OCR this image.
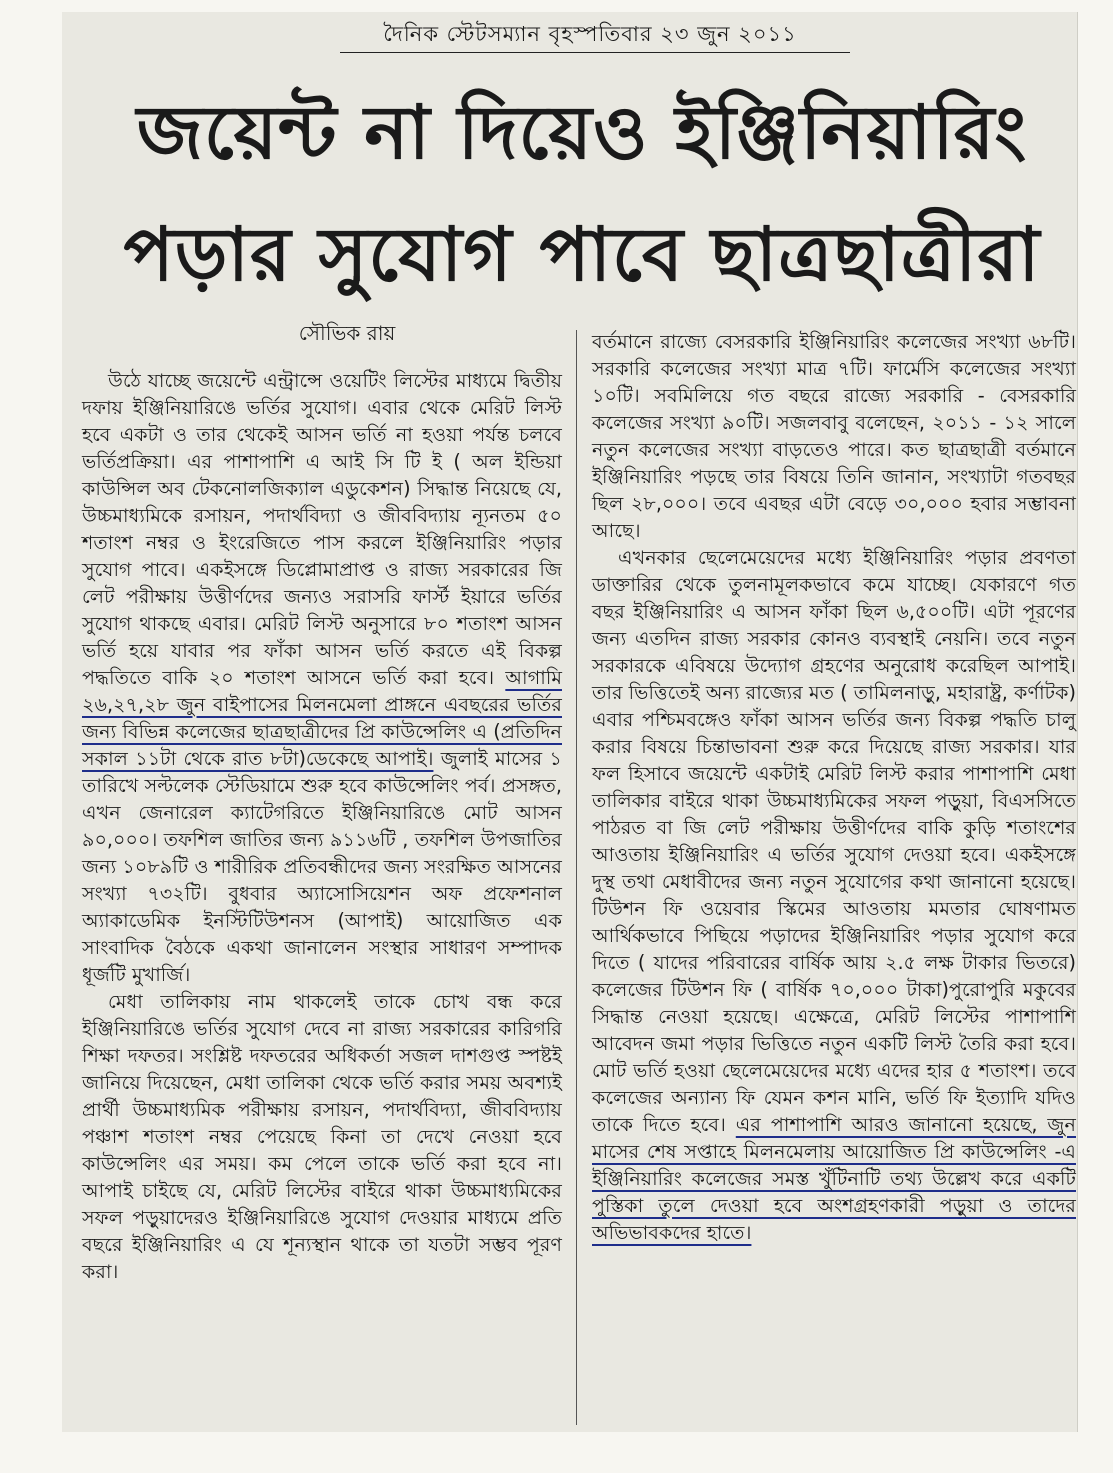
দৈনিক স্টেটসম্যান বৃহস্পতিবার ২৩ জুন ২০১১
জয়েন্ট না দিয়েও ইঞ্জিনিয়ারিং
পড়ার সুযোগ পাবে ছাত্রছাত্রীরা
সৌভিক রায়

উঠে যাচ্ছে জয়েন্টে এন্ট্রান্সে ওয়েটিং লিস্টের মাধ্যমে দ্বিতীয় দফায় ইঞ্জিনিয়ারিঙে ভর্তির সুযোগ। এবার থেকে মেরিট লিস্ট হবে একটা ও তার থেকেই আসন ভর্তি না হওয়া পর্যন্ত চলবে ভর্তিপ্রক্রিয়া। এর পাশাপাশি এ আই সি টি ই ( অল ইন্ডিয়া কাউন্সিল অব টেকনোলজিক্যাল এডুকেশন) সিদ্ধান্ত নিয়েছে যে, উচ্চমাধ্যমিকে রসায়ন, পদার্থবিদ্যা ও জীববিদ্যায় ন্যূনতম ৫০ শতাংশ নম্বর ও ইংরেজিতে পাস করলে ইঞ্জিনিয়ারিং পড়ার সুযোগ পাবে। একইসঙ্গে ডিপ্লোমাপ্রাপ্ত ও রাজ্য সরকারের জি লেট পরীক্ষায় উত্তীর্ণদের জন্যও সরাসরি ফার্স্ট ইয়ারে ভর্তির সুযোগ থাকছে এবার। মেরিট লিস্ট অনুসারে ৮০ শতাংশ আসন ভর্তি হয়ে যাবার পর ফাঁকা আসন ভর্তি করতে এই বিকল্প পদ্ধতিতে বাকি ২০ শতাংশ আসনে ভর্তি করা হবে। আগামি ২৬,২৭,২৮ জুন বাইপাসের মিলনমেলা প্রাঙ্গনে এবছরের ভর্তির জন্য বিভিন্ন কলেজের ছাত্রছাত্রীদের প্রি কাউন্সেলিং এ (প্রতিদিন সকাল ১১টা থেকে রাত ৮টা)ডেকেছে আপাই। জুলাই মাসের ১ তারিখে সল্টলেক স্টেডিয়ামে শুরু হবে কাউন্সেলিং পর্ব। প্রসঙ্গত, এখন জেনারেল ক্যাটেগরিতে ইঞ্জিনিয়ারিঙে মোট আসন ৯০,০০০। তফশিল জাতির জন্য ৯১১৬টি , তফশিল উপজাতির জন্য ১০৮৯টি ও শারীরিক প্রতিবন্ধীদের জন্য সংরক্ষিত আসনের সংখ্যা ৭৩২টি। বুধবার অ্যাসোসিয়েশন অফ প্রফেশনাল অ্যাকাডেমিক ইনস্টিটিউশনস (আপাই) আয়োজিত এক সাংবাদিক বৈঠকে একথা জানালেন সংস্থার সাধারণ সম্পাদক ধূর্জটি মুখার্জি।

মেধা তালিকায় নাম থাকলেই তাকে চোখ বন্ধ করে ইঞ্জিনিয়ারিঙে ভর্তির সুযোগ দেবে না রাজ্য সরকারের কারিগরি শিক্ষা দফতর। সংশ্লিষ্ট দফতরের অধিকর্তা সজল দাশগুপ্ত স্পষ্টই জানিয়ে দিয়েছেন, মেধা তালিকা থেকে ভর্তি করার সময় অবশ্যই প্রার্থী উচ্চমাধ্যমিক পরীক্ষায় রসায়ন, পদার্থবিদ্যা, জীববিদ্যায় পঞ্চাশ শতাংশ নম্বর পেয়েছে কিনা তা দেখে নেওয়া হবে কাউন্সেলিং এর সময়। কম পেলে তাকে ভর্তি করা হবে না। আপাই চাইছে যে, মেরিট লিস্টের বাইরে থাকা উচ্চমাধ্যমিকের সফল পড়ুয়াদেরও ইঞ্জিনিয়ারিঙে সুযোগ দেওয়ার মাধ্যমে প্রতি বছরে ইঞ্জিনিয়ারিং এ যে শূন্যস্থান থাকে তা যতটা সম্ভব পূরণ করা।

বর্তমানে রাজ্যে বেসরকারি ইঞ্জিনিয়ারিং কলেজের সংখ্যা ৬৮টি। সরকারি কলেজের সংখ্যা মাত্র ৭টি। ফার্মেসি কলেজের সংখ্যা ১০টি। সবমিলিয়ে গত বছরে রাজ্যে সরকারি - বেসরকারি কলেজের সংখ্যা ৯০টি। সজলবাবু বলেছেন, ২০১১ - ১২ সালে নতুন কলেজের সংখ্যা বাড়তেও পারে। কত ছাত্রছাত্রী বর্তমানে ইঞ্জিনিয়ারিং পড়ছে তার বিষয়ে তিনি জানান, সংখ্যাটা গতবছর ছিল ২৮,০০০। তবে এবছর এটা বেড়ে ৩০,০০০ হবার সম্ভাবনা আছে।

এখনকার ছেলেমেয়েদের মধ্যে ইঞ্জিনিয়ারিং পড়ার প্রবণতা ডাক্তারির থেকে তুলনামূলকভাবে কমে যাচ্ছে। যেকারণে গত বছর ইঞ্জিনিয়ারিং এ আসন ফাঁকা ছিল ৬,৫০০টি। এটা পূরণের জন্য এতদিন রাজ্য সরকার কোনও ব্যবস্থাই নেয়নি। তবে নতুন সরকারকে এবিষয়ে উদ্যোগ গ্রহণের অনুরোধ করেছিল আপাই। তার ভিত্তিতেই অন্য রাজ্যের মত ( তামিলনাড়ু, মহারাষ্ট্র, কর্ণাটক) এবার পশ্চিমবঙ্গেও ফাঁকা আসন ভর্তির জন্য বিকল্প পদ্ধতি চালু করার বিষয়ে চিন্তাভাবনা শুরু করে দিয়েছে রাজ্য সরকার। যার ফল হিসাবে জয়েন্টে একটাই মেরিট লিস্ট করার পাশাপাশি মেধা তালিকার বাইরে থাকা উচ্চমাধ্যমিকের সফল পড়ুয়া, বিএসসিতে পাঠরত বা জি লেট পরীক্ষায় উত্তীর্ণদের বাকি কুড়ি শতাংশের আওতায় ইঞ্জিনিয়ারিং এ ভর্তির সুযোগ দেওয়া হবে। একইসঙ্গে দুস্থ তথা মেধাবীদের জন্য নতুন সুযোগের কথা জানানো হয়েছে। টিউশন ফি ওয়েবার স্কিমের আওতায় মমতার ঘোষণামত আর্থিকভাবে পিছিয়ে পড়াদের ইঞ্জিনিয়ারিং পড়ার সুযোগ করে দিতে ( যাদের পরিবারের বার্ষিক আয় ২.৫ লক্ষ টাকার ভিতরে) কলেজের টিউশন ফি ( বার্ষিক ৭০,০০০ টাকা)পুরোপুরি মকুবের সিদ্ধান্ত নেওয়া হয়েছে। এক্ষেত্রে, মেরিট লিস্টের পাশাপাশি আবেদন জমা পড়ার ভিত্তিতে নতুন একটি লিস্ট তৈরি করা হবে। মোট ভর্তি হওয়া ছেলেমেয়েদের মধ্যে এদের হার ৫ শতাংশ। তবে কলেজের অন্যান্য ফি যেমন কশন মানি, ভর্তি ফি ইত্যাদি যদিও তাকে দিতে হবে। এর পাশাপাশি আরও জানানো হয়েছে, জুন মাসের শেষ সপ্তাহে মিলনমেলায় আয়োজিত প্রি কাউন্সেলিং -এ ইঞ্জিনিয়ারিং কলেজের সমস্ত খুঁটিনাটি তথ্য উল্লেখ করে একটি পুস্তিকা তুলে দেওয়া হবে অংশগ্রহণকারী পড়ুয়া ও তাদের অভিভাবকদের হাতে।
